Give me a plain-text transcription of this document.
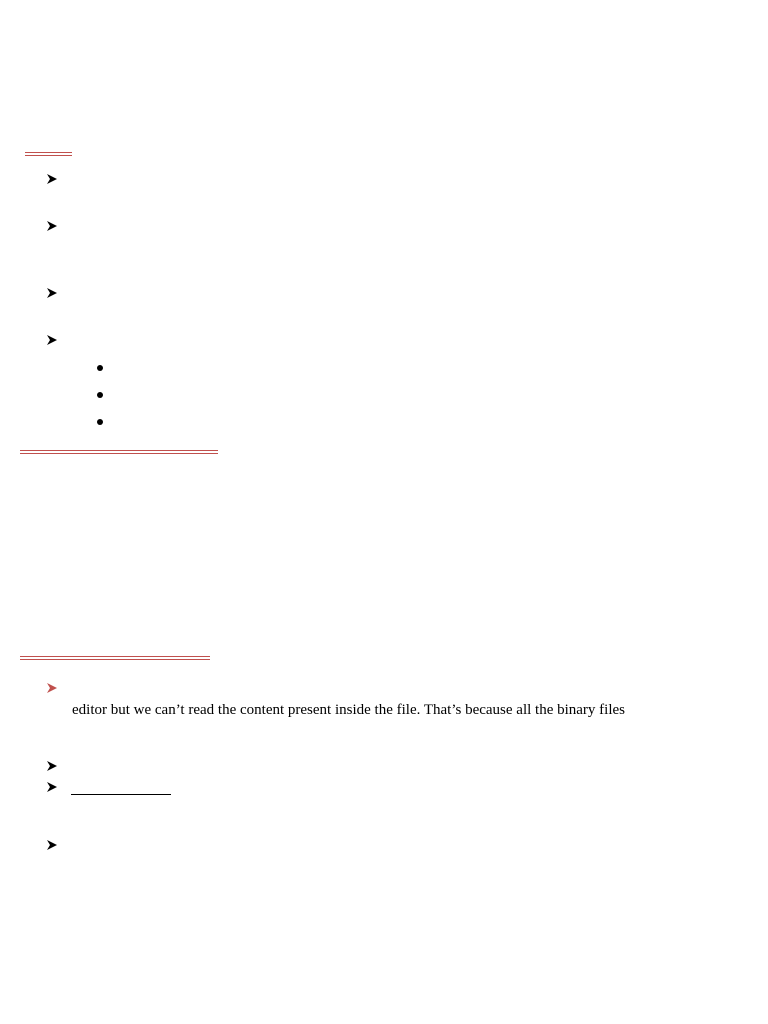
editor but we can’t read the content present inside the file. That’s because all the binary files
